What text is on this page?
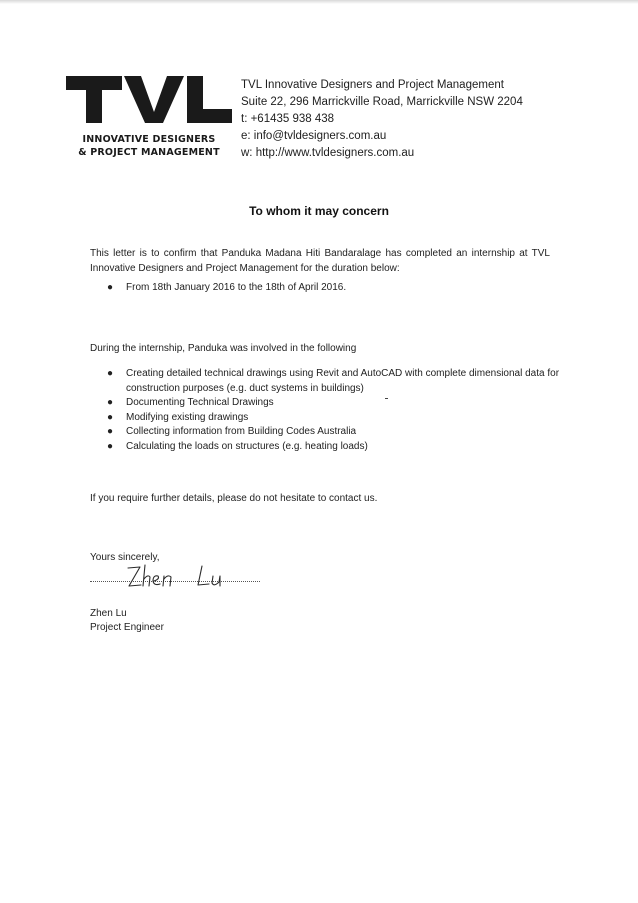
INNOVATIVE DESIGNERS
& PROJECT MANAGEMENT
TVL Innovative Designers and Project Management
Suite 22, 296 Marrickville Road, Marrickville NSW 2204
t: +61435 938 438
e: info@tvldesigners.com.au
w: http://www.tvldesigners.com.au
To whom it may concern
This letter is to confirm that Panduka Madana Hiti Bandaralage has completed an internship at TVL Innovative Designers and Project Management for the duration below:
● From 18th January 2016 to the 18th of April 2016.
During the internship, Panduka was involved in the following
● Creating detailed technical drawings using Revit and AutoCAD with complete dimensional data for construction purposes (e.g. duct systems in buildings)
● Documenting Technical Drawings
● Modifying existing drawings
● Collecting information from Building Codes Australia
● Calculating the loads on structures (e.g. heating loads)
If you require further details, please do not hesitate to contact us.
Yours sincerely,
Zhen Lu
Project Engineer
